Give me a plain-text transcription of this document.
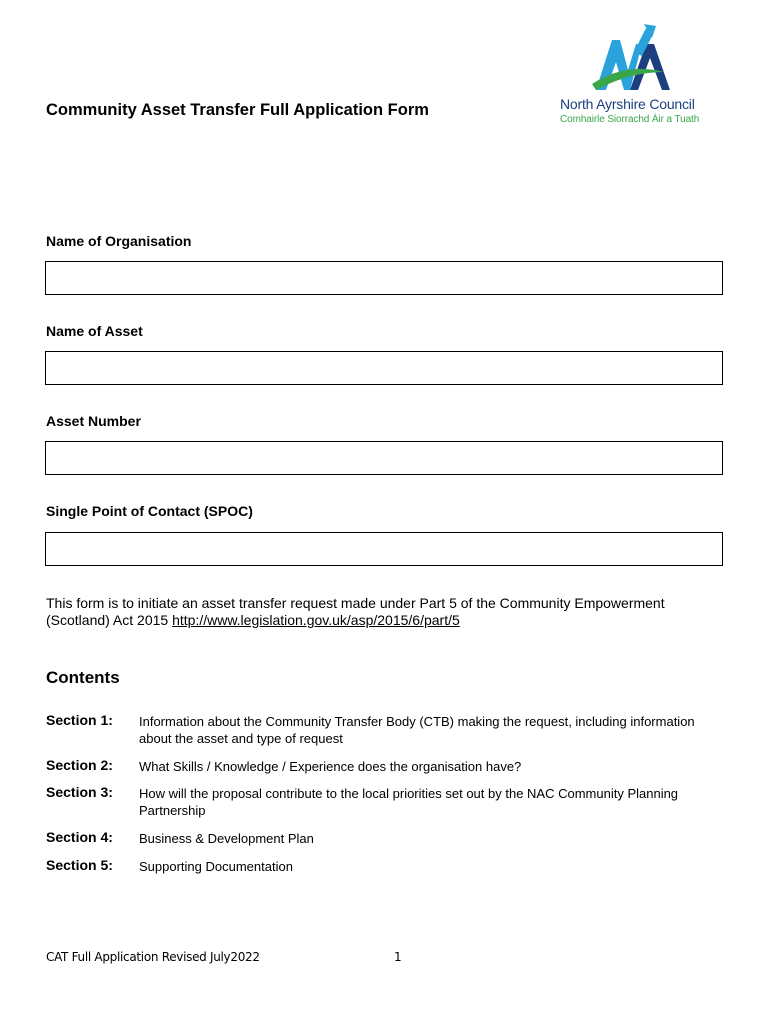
North Ayrshire Council
Comhairle Siorrachd Àir a Tuath
Community Asset Transfer Full Application Form
Name of Organisation
Name of Asset
Asset Number
Single Point of Contact (SPOC)
This form is to initiate an asset transfer request made under Part 5 of the Community Empowerment (Scotland) Act 2015 http://www.legislation.gov.uk/asp/2015/6/part/5
Contents
Section 1: Information about the Community Transfer Body (CTB) making the request, including information about the asset and type of request
Section 2: What Skills / Knowledge / Experience does the organisation have?
Section 3: How will the proposal contribute to the local priorities set out by the NAC Community Planning Partnership
Section 4: Business & Development Plan
Section 5: Supporting Documentation
CAT Full Application Revised July2022	1
